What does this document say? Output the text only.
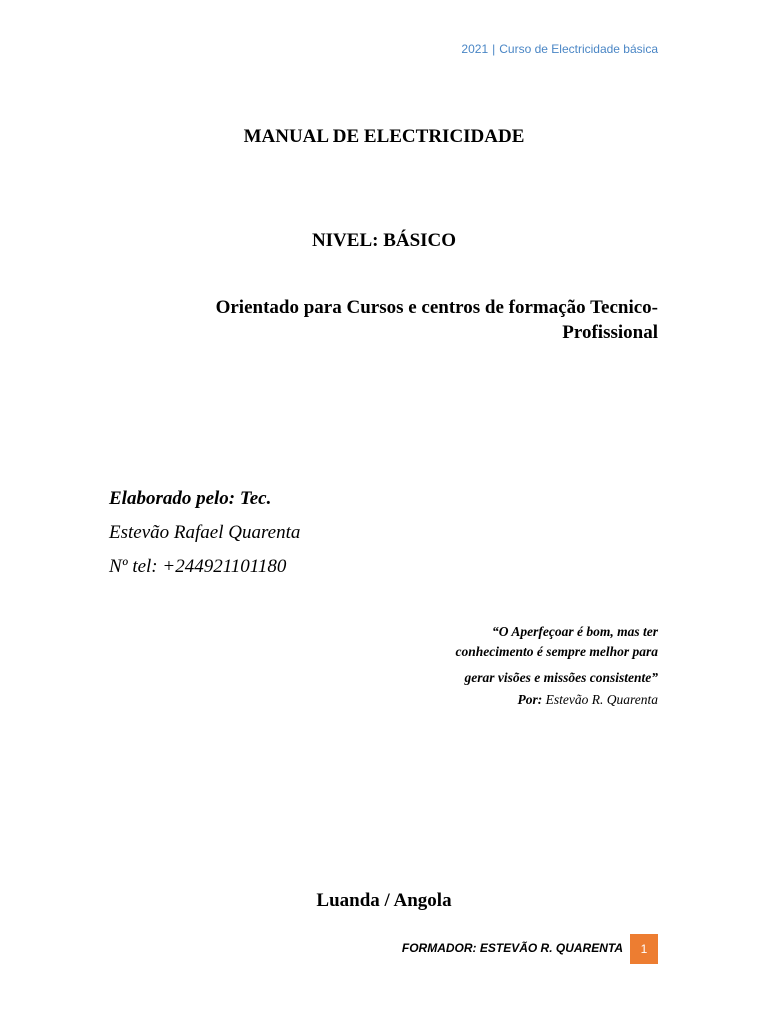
2021 | Curso de Electricidade básica
MANUAL DE ELECTRICIDADE
NIVEL: BÁSICO
Orientado para Cursos e centros de formação Tecnico-
Profissional
Elaborado pelo: Tec.
Estevão Rafael Quarenta
Nº tel: +244921101180
“O Aperfeçoar é bom, mas ter
conhecimento é sempre melhor para
gerar visões e missões consistente”
Por: Estevão R. Quarenta
Luanda / Angola
FORMADOR: ESTEVÃO R. QUARENTA	1
